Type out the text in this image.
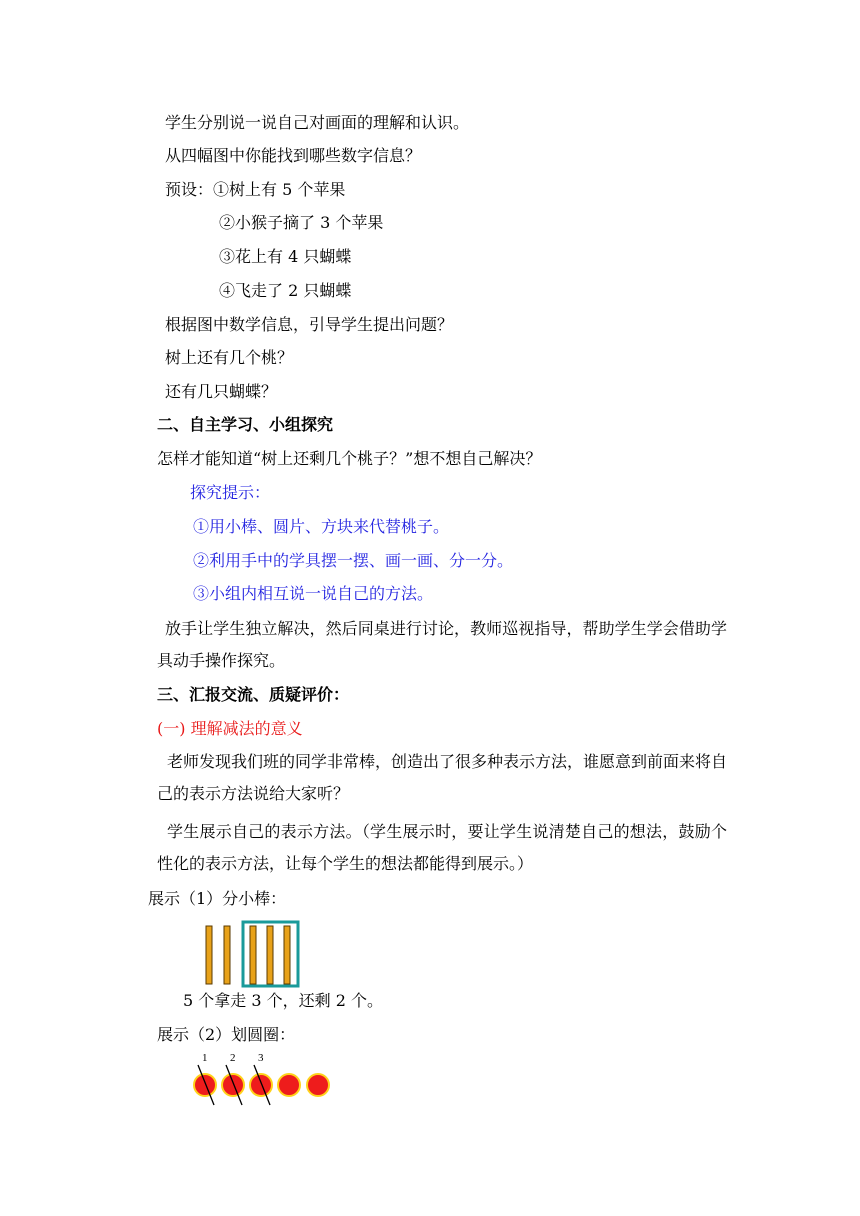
学生分别说一说自己对画面的理解和认识。
从四幅图中你能找到哪些数字信息？
预设：①树上有 5 个苹果
②小猴子摘了 3 个苹果
③花上有 4 只蝴蝶
④飞走了 2 只蝴蝶
根据图中数学信息，引导学生提出问题？
树上还有几个桃？
还有几只蝴蝶？
二、自主学习、小组探究
怎样才能知道“树上还剩几个桃子？”想不想自己解决？
探究提示：
①用小棒、圆片、方块来代替桃子。
②利用手中的学具摆一摆、画一画、分一分。
③小组内相互说一说自己的方法。
放手让学生独立解决，然后同桌进行讨论，教师巡视指导，帮助学生学会借助学具动手操作探究。
三、汇报交流、质疑评价：
(一) 理解减法的意义
老师发现我们班的同学非常棒，创造出了很多种表示方法，谁愿意到前面来将自己的表示方法说给大家听？
学生展示自己的表示方法。（学生展示时，要让学生说清楚自己的想法，鼓励个性化的表示方法，让每个学生的想法都能得到展示。）
展示（1）分小棒：
5 个拿走 3 个，还剩 2 个。
展示（2）划圆圈：
1 2 3
